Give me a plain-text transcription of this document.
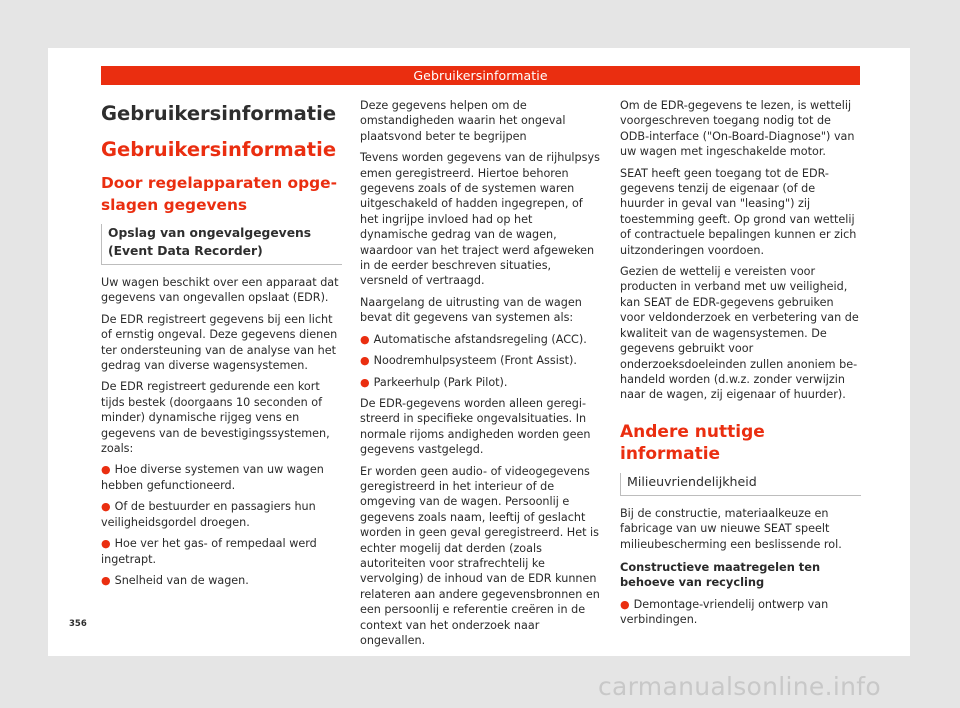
Gebruikersinformatie
Gebruikersinformatie
Gebruikersinformatie
Door regelapparaten opgeslagen gegevens
Opslag van ongevalgegevens (Event Data Recorder)

Uw wagen beschikt over een apparaat dat gegevens van ongevallen opslaat (EDR).

De EDR registreert gegevens bij een licht of ernstig ongeval. Deze gegevens dienen ter ondersteuning van de analyse van het gedrag van diverse wagensystemen.

De EDR registreert gedurende een kort tijds bestek (doorgaans 10 seconden of minder) dynamische rijgeg vens en gegevens van de bevestigingssystemen, zoals:

● Hoe diverse systemen van uw wagen hebben gefunctioneerd.

● Of de bestuurder en passagiers hun veiligheidsgordel droegen.

● Hoe ver het gas- of rempedaal werd ingetrapt.

● Snelheid van de wagen.

Deze gegevens helpen om de omstandigheden waarin het ongeval plaatsvond beter te begrijpen

Tevens worden gegevens van de rijhulpsys emen geregistreerd. Hiertoe behoren gegevens zoals of de systemen waren uitgeschakeld of hadden ingegrepen, of het ingrijpe invloed had op het dynamische gedrag van de wagen, waardoor van het traject werd afgeweken in de eerder beschreven situaties, versneld of vertraagd.

Naargelang de uitrusting van de wagen bevat dit gegevens van systemen als:

● Automatische afstandsregeling (ACC).

● Noodremhulpsysteem (Front Assist).

● Parkeerhulp (Park Pilot).

De EDR-gegevens worden alleen geregistreerd in specifieke ongevalsituaties. In normale rijoms andigheden worden geen gegevens vastgelegd.

Er worden geen audio- of videogegevens geregistreerd in het interieur of de omgeving van de wagen. Persoonlij e gegevens zoals naam, leeftij of geslacht worden in geen geval geregistreerd. Het is echter mogelij dat derden (zoals autoriteiten voor strafrechtelij ke vervolging) de inhoud van de EDR kunnen relateren aan andere gegevensbronnen en een persoonlij e referentie creëren in de context van het onderzoek naar ongevallen.

Om de EDR-gegevens te lezen, is wettelij voorgeschreven toegang nodig tot de ODB-interface ("On-Board-Diagnose") van uw wagen met ingeschakelde motor.

SEAT heeft geen toegang tot de EDR-gegevens tenzij de eigenaar (of de huurder in geval van "leasing") zij toestemming geeft. Op grond van wettelij of contractuele bepalingen kunnen er zich uitzonderingen voordoen.

Gezien de wettelij e vereisten voor producten in verband met uw veiligheid, kan SEAT de EDR-gegevens gebruiken voor veldonderzoek en verbetering van de kwaliteit van de wagensystemen. De gegevens gebruikt voor onderzoeksdoeleinden zullen anoniem behandeld worden (d.w.z. zonder verwijzin naar de wagen, zij eigenaar of huurder).

Andere nuttige informatie
Milieuvriendelijkheid

Bij de constructie, materiaalkeuze en fabricage van uw nieuwe SEAT speelt milieubescherming een beslissende rol.

Constructieve maatregelen ten behoeve van recycling

● Demontage-vriendelij ontwerp van verbindingen.

356
carmanualsonline.info
